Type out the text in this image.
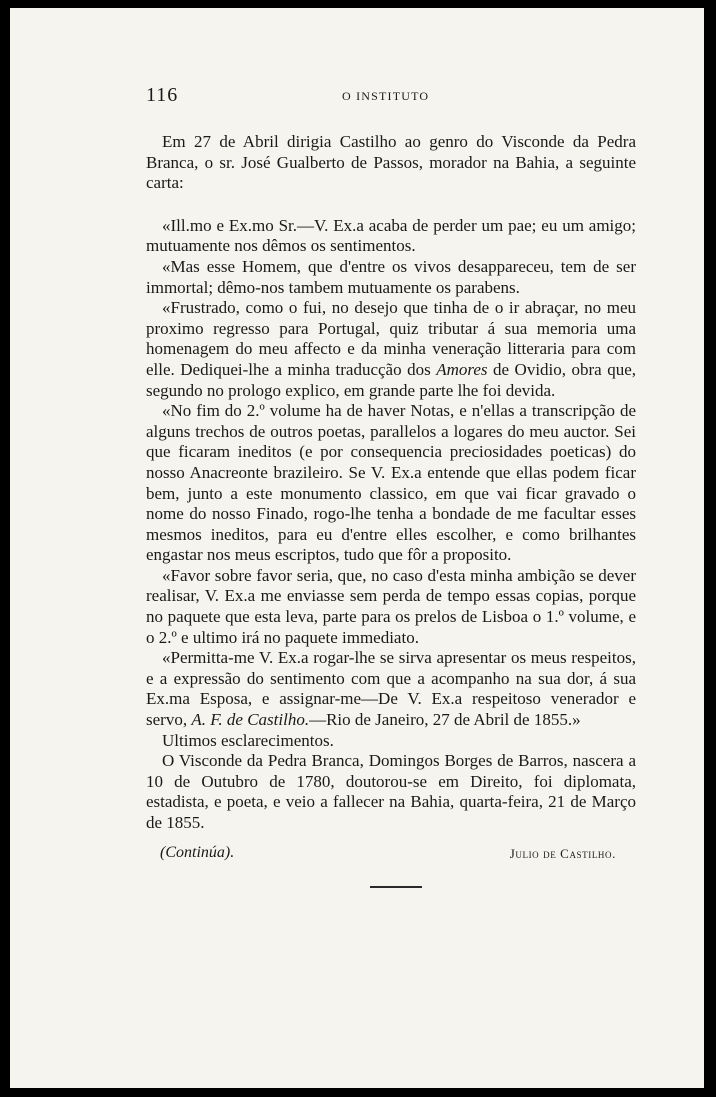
116	O INSTITUTO

Em 27 de Abril dirigia Castilho ao genro do Visconde da Pedra Branca, o sr. José Gualberto de Passos, morador na Bahia, a seguinte carta:

«Ill.mo e Ex.mo Sr.—V. Ex.a acaba de perder um pae; eu um amigo; mutuamente nos dêmos os sentimentos.

«Mas esse Homem, que d'entre os vivos desappareceu, tem de ser immortal; dêmo-nos tambem mutuamente os parabens.

«Frustrado, como o fui, no desejo que tinha de o ir abraçar, no meu proximo regresso para Portugal, quiz tributar á sua memoria uma homenagem do meu affecto e da minha veneração litteraria para com elle. Dediquei-lhe a minha traducção dos Amores de Ovidio, obra que, segundo no prologo explico, em grande parte lhe foi devida.

«No fim do 2.º volume ha de haver Notas, e n'ellas a transcripção de alguns trechos de outros poetas, parallelos a logares do meu auctor. Sei que ficaram ineditos (e por consequencia preciosidades poeticas) do nosso Anacreonte brazileiro. Se V. Ex.a entende que ellas podem ficar bem, junto a este monumento classico, em que vai ficar gravado o nome do nosso Finado, rogo-lhe tenha a bondade de me facultar esses mesmos ineditos, para eu d'entre elles escolher, e como brilhantes engastar nos meus escriptos, tudo que fôr a proposito.

«Favor sobre favor seria, que, no caso d'esta minha ambição se dever realisar, V. Ex.a me enviasse sem perda de tempo essas copias, porque no paquete que esta leva, parte para os prelos de Lisboa o 1.º volume, e o 2.º e ultimo irá no paquete immediato.

«Permitta-me V. Ex.a rogar-lhe se sirva apresentar os meus respeitos, e a expressão do sentimento com que a acompanho na sua dor, á sua Ex.ma Esposa, e assignar-me—De V. Ex.a respeitoso venerador e servo, A. F. de Castilho.—Rio de Janeiro, 27 de Abril de 1855.»

Ultimos esclarecimentos.

O Visconde da Pedra Branca, Domingos Borges de Barros, nascera a 10 de Outubro de 1780, doutorou-se em Direito, foi diplomata, estadista, e poeta, e veio a fallecer na Bahia, quarta-feira, 21 de Março de 1855.

(Continúa).	Julio de Castilho.
